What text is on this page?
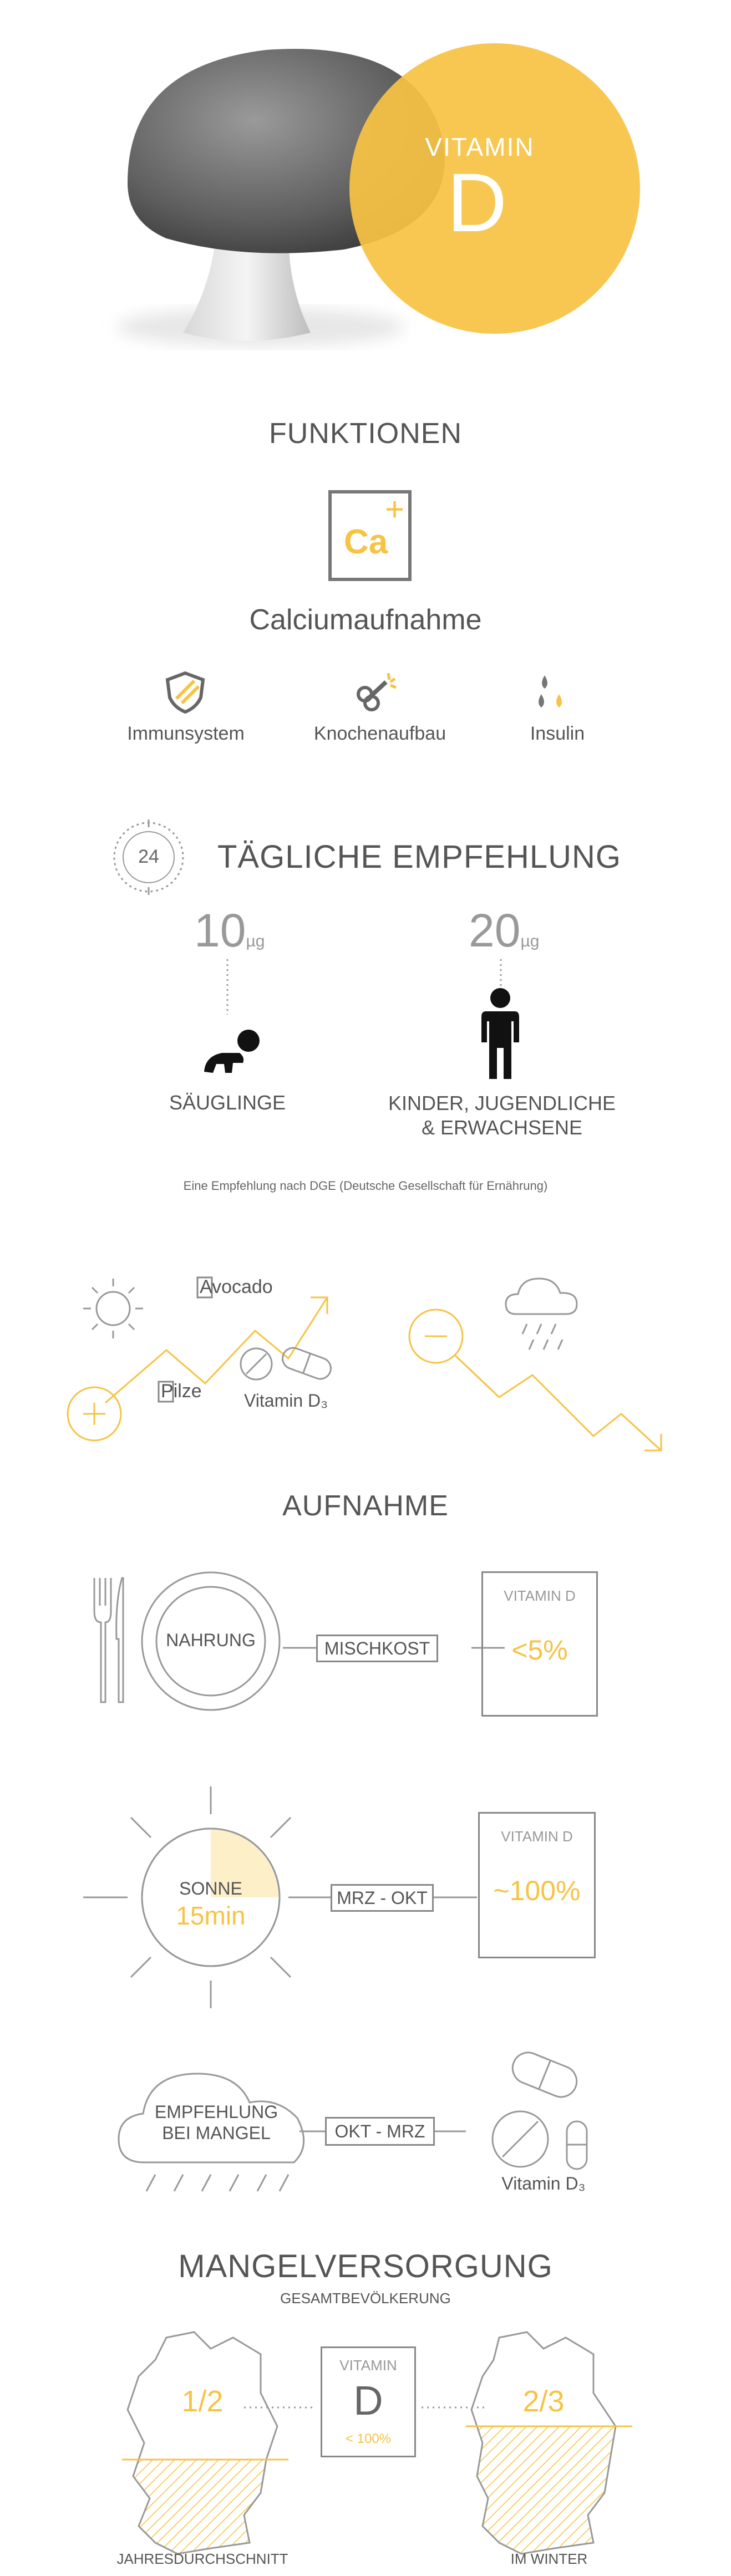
VITAMIN
D
FUNKTIONEN
Ca
+
Calciumaufnahme
Immunsystem	Knochenaufbau	Insulin
24	TÄGLICHE EMPFEHLUNG
10µg	20µg
SÄUGLINGE	KINDER, JUGENDLICHE
& ERWACHSENE
Eine Empfehlung nach DGE (Deutsche Gesellschaft für Ernährung)
Avocado
Pilze Vitamin D₃
AUFNAHME
NAHRUNG	MISCHKOST
VITAMIN D
<5%
SONNE
15min
MRZ - OKT
VITAMIN D
~100%
EMPFEHLUNG
BEI MANGEL	OKT - MRZ
Vitamin D₃
MANGELVERSORGUNG
GESAMTBEVÖLKERUNG
1/2	2/3
VITAMIN
D
< 100%
JAHRESDURCHSCHNITT	IM WINTER
